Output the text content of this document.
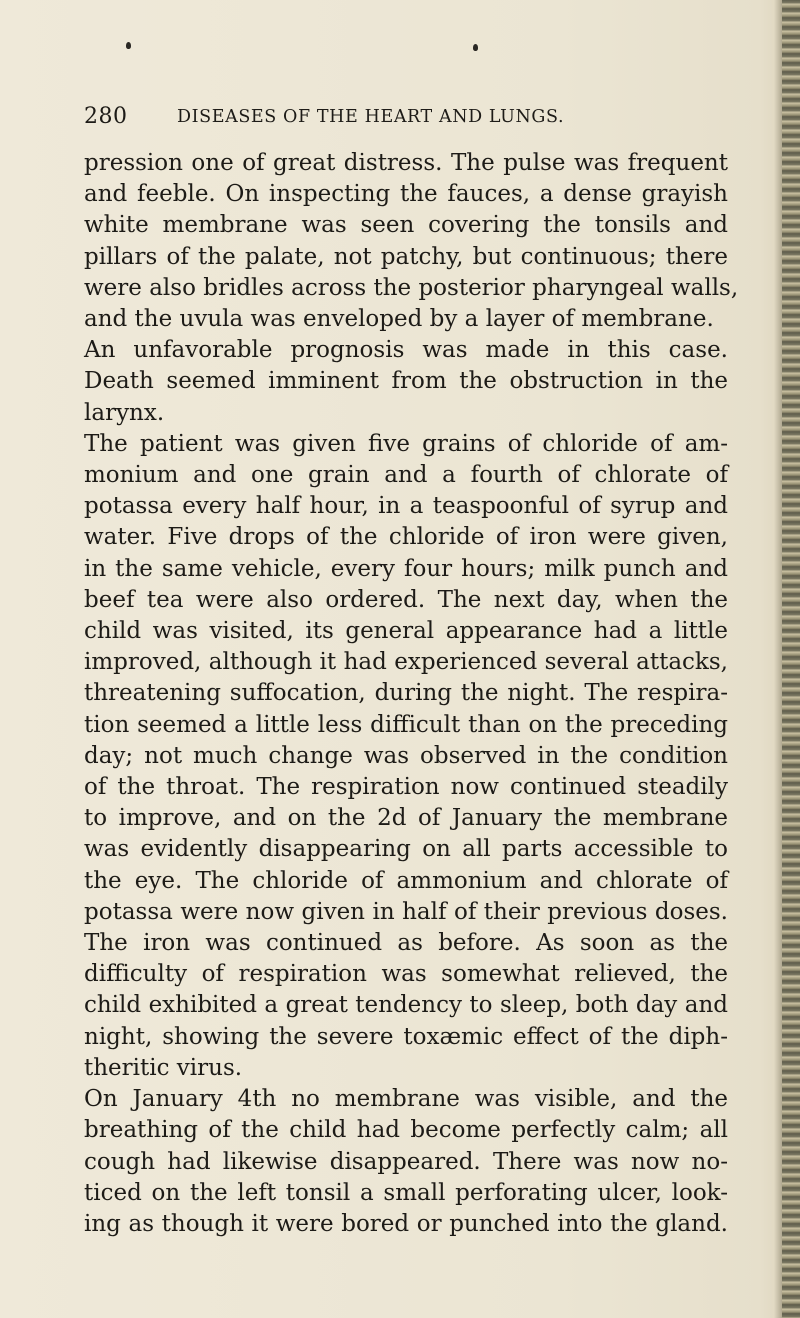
280	DISEASES OF THE HEART AND LUNGS.
pression one of great distress. The pulse was frequent
and feeble. On inspecting the fauces, a dense grayish
white membrane was seen covering the tonsils and
pillars of the palate, not patchy, but continuous; there
were also bridles across the posterior pharyngeal walls,
and the uvula was enveloped by a layer of membrane.
An unfavorable prognosis was made in this case.
Death seemed imminent from the obstruction in the
larynx.
The patient was given five grains of chloride of am-
monium and one grain and a fourth of chlorate of
potassa every half hour, in a teaspoonful of syrup and
water. Five drops of the chloride of iron were given,
in the same vehicle, every four hours; milk punch and
beef tea were also ordered. The next day, when the
child was visited, its general appearance had a little
improved, although it had experienced several attacks,
threatening suffocation, during the night. The respira-
tion seemed a little less difficult than on the preceding
day; not much change was observed in the condition
of the throat. The respiration now continued steadily
to improve, and on the 2d of January the membrane
was evidently disappearing on all parts accessible to
the eye. The chloride of ammonium and chlorate of
potassa were now given in half of their previous doses.
The iron was continued as before. As soon as the
difficulty of respiration was somewhat relieved, the
child exhibited a great tendency to sleep, both day and
night, showing the severe toxæmic effect of the diph-
theritic virus.
On January 4th no membrane was visible, and the
breathing of the child had become perfectly calm; all
cough had likewise disappeared. There was now no-
ticed on the left tonsil a small perforating ulcer, look-
ing as though it were bored or punched into the gland.
